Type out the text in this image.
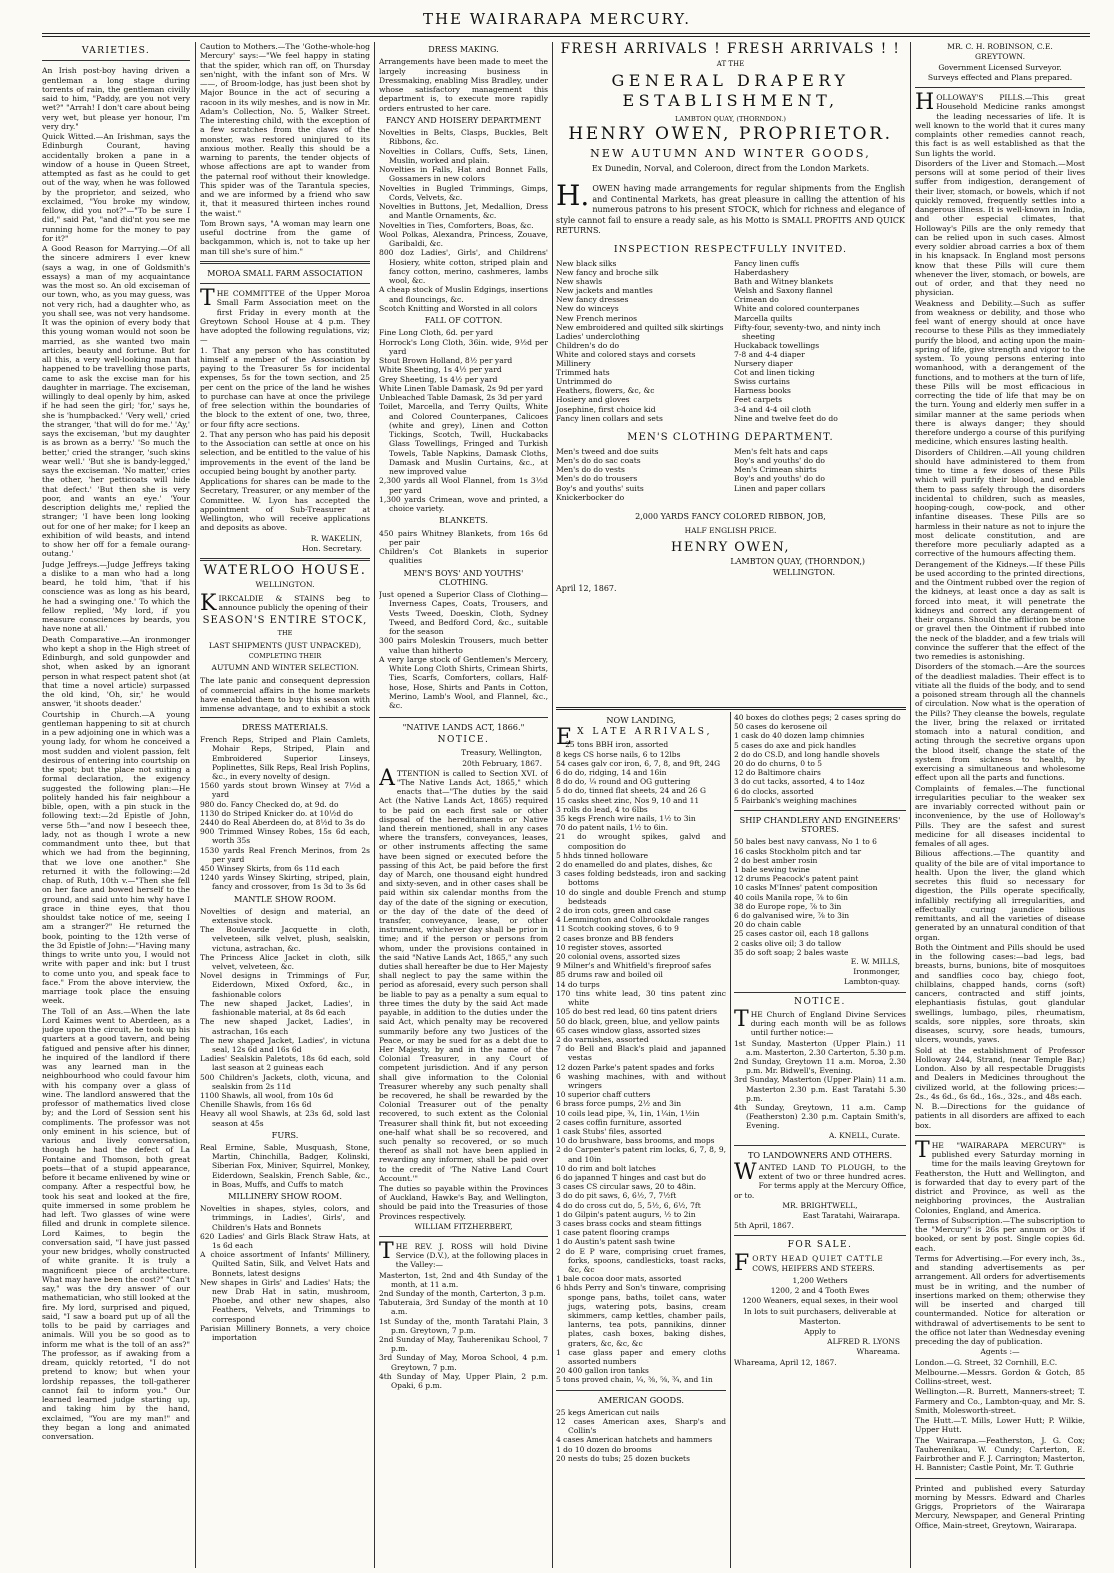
THE WAIRARAPA MERCURY.
VARIETIES.

An Irish post-boy having driven a gentleman a long stage during torrents of rain, the gentleman civilly said to him, "Paddy, are you not very wet?" "Arrah! I don't care about being very wet, but please yer honour, I'm very dry."

Quick Witted.—An Irishman, says the Edinburgh Courant, having accidentally broken a pane in a window of a house in Queen Street, attempted as fast as he could to get out of the way, when he was followed by the proprietor, and seized, who exclaimed, "You broke my window, fellow, did you not?"—"To be sure I did," said Pat, "and did'nt you see me running home for the money to pay for it?"

A Good Reason for Marrying.—Of all the sincere admirers I ever knew (says a wag, in one of Goldsmith's essays) a man of my acquaintance was the most so. An old exciseman of our town, who, as you may guess, was not very rich, had a daughter who, as you shall see, was not very handsome. It was the opinion of every body that this young woman would not soon be married, as she wanted two main articles, beauty and fortune. But for all this, a very well-looking man that happened to be travelling those parts, came to ask the excise man for his daughter in marriage. The exciseman, willingly to deal openly by him, asked if he had seen the girl; 'for,' says he, she is 'humpbacked.' 'Very well,' cried the stranger, 'that will do for me.' 'Ay,' says the exciseman, 'but my daughter is as brown as a berry.' 'So much the better,' cried the stranger, 'such skins wear well.' 'But she is bandy-legged,' says the exciseman. 'No matter,' cries the other, 'her petticoats will hide that defect.' 'But then she is very poor, and wants an eye.' 'Your description delights me,' replied the stranger; 'I have been long looking out for one of her make; for I keep an exhibition of wild beasts, and intend to show her off for a female ourang-outang.'

Judge Jeffreys.—Judge Jeffreys taking a dislike to a man who had a long beard, he told him, 'that if his conscience was as long as his beard, he had a swinging one.' To which the fellow replied, 'My lord, if you measure consciences by beards, you have none at all.'

Death Comparative.—An ironmonger who kept a shop in the High street of Edinburgh, and sold gunpowder and shot, when asked by an ignorant person in what respect patent shot (at that time a novel article) surpassed the old kind, 'Oh, sir,' he would answer, 'it shoots deader.'

Courtship in Church.—A young gentleman happening to sit at church in a pew adjoining one in which was a young lady, for whom he conceived a most sudden and violent passion, felt desirous of entering into courtship on the spot; but the place not suiting a formal declaration, the exigency suggested the following plan:—He politely handed his fair neighbour a bible, open, with a pin stuck in the following text:—2d Epistle of John, verse 5th—"and now I beseech thee, lady, not as though I wrote a new commandment unto thee, but that which we had from the beginning, that we love one another." She returned it with the following:—2d chap. of Ruth, 10th v.—"Then she fell on her face and bowed herself to the ground, and said unto him why have I grace in thine eyes, that thou shouldst take notice of me, seeing I am a stranger?" He returned the book, pointing to the 12th verse of the 3d Epistle of John:—"Having many things to write unto you, I would not write with paper and ink: but I trust to come unto you, and speak face to face." From the above interview, the marriage took place the ensuing week.

The Toll of an Ass.—When the late Lord Kaimes went to Aberdeen, as a judge upon the circuit, he took up his quarters at a good tavern, and being fatigued and pensive after his dinner, he inquired of the landlord if there was any learned man in the neighbourhood who could favour him with his company over a glass of wine. The landlord answered that the professor of mathematics lived close by; and the Lord of Session sent his compliments. The professor was not only eminent in his science, but of various and lively conversation, though he had the defect of La Fontaine and Thomson, both great poets—that of a stupid appearance, before it became enlivened by wine or company. After a respectful bow, he took his seat and looked at the fire, quite immersed in some problem he had left. Two glasses of wine were filled and drunk in complete silence. Lord Kaimes, to begin the conversation said, "I have just passed your new bridges, wholly constructed of white granite. It is truly a magnificent piece of architecture. What may have been the cost?" "Can't say," was the dry answer of our mathematician, who still looked at the fire. My lord, surprised and piqued, said, "I saw a board put up of all the tolls to be paid by carriages and animals. Will you be so good as to inform me what is the toll of an ass?" The professor, as if awaking from a dream, quickly retorted, "I do not pretend to know; but when your lordship repasses, the toll-gatherer cannot fail to inform you." Our learned learned judge starting up, and taking him by the hand, exclaimed, "You are my man!" and they began a long and animated conversation.

Caution to Mothers.—The 'Gothe-whole-hog Mercury' says:—"We feel happy in stating that the spider, which ran off, on Thursday sen'night, with the infant son of Mrs. W——, of Broom-lodge, has just been shot by Major Bounce in the act of securing a racoon in its wily meshes, and is now in Mr. Adam's Collection, No. 5, Walker Street. The interesting child, with the exception of a few scratches from the claws of the monster, was restored uninjured to its anxious mother. Really this should be a warning to parents, the tender objects of whose affections are apt to wander from the paternal roof without their knowledge. This spider was of the Tarantula species, and we are informed by a friend who saw it, that it measured thirteen inches round the waist."

Tom Brown says, "A woman may learn one useful doctrine from the game of backgammon, which is, not to take up her man till she's sure of him."

MOROA SMALL FARM ASSOCIATION

THE COMMITTEE of the Upper Moroa Small Farm Association meet on the first Friday in every month at the Greytown School House at 4 p.m. They have adopted the following regulations, viz;—

1. That any person who has constituted himself a member of the Association by paying to the Treasurer 5s for incidental expenses, 5s for the town section, and 25 per cent on the price of the land he wishes to purchase can have at once the privilege of free selection within the boundaries of the block to the extent of one, two, three, or four fifty acre sections.

2. That any person who has paid his deposit to the Association can settle at once on his selection, and be entitled to the value of his improvements in the event of the land be occupied being bought by another party.

Applications for shares can be made to the Secretary, Treasurer, or any member of the Committee. W. Lyon has accepted the appointment of Sub-Treasurer at Wellington, who will receive applications and deposits as above.

R. WAKELIN,

Hon. Secretary.

WATERLOO HOUSE.

WELLINGTON.

KIRKCALDIE & STAINS beg to announce publicly the opening of their

SEASON'S ENTIRE STOCK,

THE

LAST SHIPMENTS (JUST UNPACKED),

COMPLETING THEIR

AUTUMN AND WINTER SELECTION.

The late panic and consequent depression of commercial affairs in the home markets have enabled them to buy this season with immense advantage, and to exhibit a stock

DRESS MAKING.

Arrangements have been made to meet the largely increasing business in Dressmaking, enabling Miss Bradley, under whose satisfactory management this department is, to execute more rapidly orders entrusted to her care.

FANCY AND HOISERY DEPARTMENT
Novelties in Belts, Clasps, Buckles, Belt Ribbons, &c.
Novelties in Collars, Cuffs, Sets, Linen, Muslin, worked and plain.
Novelties in Falls, Hat and Bonnet Falls, Gossamers in new colors
Novelties in Bugled Trimmings, Gimps, Cords, Velvets, &c.
Novelties in Buttons, Jet, Medallion, Dress and Mantle Ornaments, &c.
Novelties in Ties, Comforters, Boas, &c.
Wool Polkas, Alexandra, Princess, Zouave, Garibaldi, &c.
800 doz Ladies', Girls', and Childrens' Hosiery, white cotton, striped plain and fancy cotton, merino, cashmeres, lambs wool, &c.
A cheap stock of Muslin Edgings, insertions and flouncings, &c.
Scotch Knitting and Worsted in all colors
FALL OF COTTON.
Fine Long Cloth, 6d. per yard
Horrock's Long Cloth, 36in. wide, 9½d per yard
Stout Brown Holland, 8½ per yard
White Sheeting, 1s 4½ per yard
Grey Sheeting, 1s 4½ per yard
White Linen Table Damask, 2s 9d per yard
Unbleached Table Damask, 2s 3d per yard
Toilet, Marcella, and Terry Quilts, White and Colored Counterpanes, Calicoes (white and grey), Linen and Cotton Tickings, Scotch, Twill, Huckabacks Glass Towellings, Fringed and Turkish Towels, Table Napkins, Damask Cloths, Damask and Muslin Curtains, &c., at new improved value
2,300 yards all Wool Flannel, from 1s 3½d per yard
1,300 yards Crimean, wove and printed, a choice variety.
BLANKETS.
450 pairs Whitney Blankets, from 16s 6d per pair
Children's Cot Blankets in superior qualities
MEN'S BOYS' AND YOUTHS' CLOTHING.
Just opened a Superior Class of Clothing—Inverness Capes, Coats, Trousers, and Vests Tweed, Doeskin, Cloth, Sydney Tweed, and Bedford Cord, &c., suitable for the season
300 pairs Moleskin Trousers, much better value than hitherto
A very large stock of Gentlemen's Mercery, White Long Cloth Shirts, Crimean Shirts, Ties, Scarfs, Comforters, collars, Half-hose, Hose, Shirts and Pants in Cotton, Merino, Lamb's Wool, and Flannel, &c., &c.

DRESS MATERIALS.
French Reps, Striped and Plain Camlets, Mohair Reps, Striped, Plain and Embroidered Superior Linseys, Poplinettes, Silk Reps, Real Irish Poplins, &c., in every novelty of design.
1560 yards stout brown Winsey at 7½d a yard
980 do. Fancy Checked do, at 9d. do
1130 do Striped Knicker do. at 10½d do
2440 do Real Aberdeen do, at 8½d to 3s do
900 Trimmed Winsey Robes, 15s 6d each, worth 35s
1530 yards Real French Merinos, from 2s per yard
450 Winsey Skirts, from 6s 11d each
1240 yards Winsey Skirting, striped, plain, fancy and crossover, from 1s 3d to 3s 6d
MANTLE SHOW ROOM.
Novelties of design and material, an extensive stock.
The Boulevarde Jacquette in cloth, velveteen, silk velvet, plush, sealskin, victuna, astrachan, &c.
The Princess Alice Jacket in cloth, silk velvet, velveteen, &c.
Novel designs in Trimmings of Fur, Eiderdown, Mixed Oxford, &c., in fashionable colors
The new shaped Jacket, Ladies', in fashionable material, at 8s 6d each
The new shaped Jacket, Ladies', in astrachan, 16s each
The new shaped Jacket, Ladies', in victuna seal, 12s 6d and 16s 6d
Ladies' Sealskin Paletots, 18s 6d each, sold last season at 2 guineas each
500 Children's Jackets, cloth, vicuna, and sealskin from 2s 11d
1100 Shawls, all wool, from 10s 6d
Chenille Shawls, from 16s 6d
Heavy all wool Shawls, at 23s 6d, sold last season at 45s
FURS.
Real Ermine, Sable, Musquash, Stone, Martin, Chinchilla, Badger, Kolinski, Siberian Fox, Miniver, Squirrel, Monkey, Eiderdown, Sealskin, French Sable, &c., in Boas, Muffs, and Cuffs to match
MILLINERY SHOW ROOM.
Novelties in shapes, styles, colors, and trimmings, in Ladies', Girls', and Children's Hats and Bonnets
620 Ladies' and Girls Black Straw Hats, at 1s 6d each
A choice assortment of Infants' Millinery, Quilted Satin, Silk, and Velvet Hats and Bonnets, latest designs
New shapes in Girls' and Ladies' Hats; the new Drab Hat in satin, mushroom, Phoebe, and other new shapes, also Feathers, Velvets, and Trimmings to correspond
Parisian Millinery Bonnets, a very choice importation
"NATIVE LANDS ACT, 1866."
NOTICE.

Treasury, Wellington,

20th February, 1867.

ATTENTION is called to Section XVI. of "The Native Lands Act, 1865," which enacts that—"The duties by the said Act (the Native Lands Act, 1865) required to be paid on each first sale or other disposal of the hereditaments or Native land therein mentioned, shall in any cases where the transfers, conveyances, leases, or other instruments affecting the same have been signed or executed before the passing of this Act, be paid before the first day of March, one thousand eight hundred and sixty-seven, and in other cases shall be paid within six calendar months from the day of the date of the signing or execution, or the day of the date of the deed of transfer, conveyance, lease, or other instrument, whichever day shall be prior in time; and if the person or persons from whom, under the provisions contained in the said "Native Lands Act, 1865," any such duties shall hereafter be due to Her Majesty shall neglect to pay the same within the period as aforesaid, every such person shall be liable to pay as a penalty a sum equal to three times the duty by the said Act made payable, in addition to the duties under the said Act, which penalty may be recovered summarily before any two Justices of the Peace, or may be sued for as a debt due to Her Majesty, by and in the name of the Colonial Treasurer, in any Court of competent jurisdiction. And if any person shall give information to the Colonial Treasurer whereby any such penalty shall be recovered, he shall be rewarded by the Colonial Treasurer out of the penalty recovered, to such extent as the Colonial Treasurer shall think fit, but not exceeding one-half what shall be so recovered, and such penalty so recovered, or so much thereof as shall not have been applied in rewarding any informer, shall be paid over to the credit of 'The Native Land Court Account.'"

The duties so payable within the Provinces of Auckland, Hawke's Bay, and Wellington, should be paid into the Treasuries of those Provinces respectively.

WILLIAM FITZHERBERT,

THE REV. J. ROSS will hold Divine Service (D.V.), at the following places in the Valley:—

Masterton, 1st, 2nd and 4th Sunday of the month, at 11 a.m.
2nd Sunday of the month, Carterton, 3 p.m.
Tabuteraia, 3rd Sunday of the month at 10 a.m.
1st Sunday of the, month Taratahi Plain, 3 p.m. Greytown, 7 p.m.
2nd Sunday of May, Tauherenikau School, 7 p.m.
3rd Sunday of May, Moroa School, 4 p.m. Greytown, 7 p.m.
4th Sunday of May, Upper Plain, 2 p.m. Opaki, 6 p.m.
FRESH ARRIVALS ! FRESH ARRIVALS ! !
AT THE
GENERAL DRAPERY ESTABLISHMENT,
LAMBTON QUAY, (THORNDON.)
HENRY OWEN, PROPRIETOR.
NEW AUTUMN AND WINTER GOODS,
Ex Dunedin, Norval, and Coleroon, direct from the London Markets.
H. OWEN having made arrangements for regular shipments from the English and Continental Markets, has great pleasure in calling the attention of his numerous patrons to his present STOCK, which for richness and elegance of style cannot fail to ensure a ready sale, as his Motto is SMALL PROFITS AND QUICK RETURNS.
INSPECTION RESPECTFULLY INVITED.
New black silks
New fancy and broche silk
New shawls
New jackets and mantles
New fancy dresses
New do winceys
New French merinos
New embroidered and quilted silk skirtings
Ladies' underclothing
Children's do do
White and colored stays and corsets
Millinery
Trimmed hats
Untrimmed do
Feathers, flowers, &c, &c
Hosiery and gloves
Josephine, first choice kid
Fancy linen collars and sets
Fancy linen cuffs
Haberdashery
Bath and Witney blankets
Welsh and Saxony flannel
Crimean do
White and colored counterpanes
Marcella quilts
Fifty-four, seventy-two, and ninty inch sheeting
Huckaback towellings
7-8 and 4-4 diaper
Nursery diaper
Cot and linen ticking
Swiss curtains
Harness books
Feet carpets
3-4 and 4-4 oil cloth
Nine and twelve feet do do
MEN'S CLOTHING DEPARTMENT.
Men's tweed and doe suits
Men's do do sac coats
Men's do do vests
Men's do do trousers
Boy's and youths' suits
Knickerbocker do
Men's felt hats and caps
Boy's and youths' do do
Men's Crimean shirts
Boy's and youths' do do
Linen and paper collars
2,000 YARDS FANCY COLORED RIBBON, JOB,
HALF ENGLISH PRICE.
HENRY OWEN,
LAMBTON QUAY, (THORNDON,)
WELLINGTON.
April 12, 1867.
NOW LANDING,

E X LATE ARRIVALS,

25 tons BBH iron, assorted
8 kegs CS horse nails, 6 to 12lbs
54 cases galv cor iron, 6, 7, 8, and 9ft, 24G
6 do do, ridging, 14 and 16in
8 do do, ¼ round and OG guttering
5 do do, tinned flat sheets, 24 and 26 G
15 casks sheet zinc, Nos 9, 10 and 11
3 rolls do lead, 4 to 6lbs
35 kegs French wire nails, 1½ to 3in
70 do patent nails, 1½ to 6in.
21 do wrought spikes, galvd and composition do
5 hhds tinned holloware
2 do enamelled do and plates, dishes, &c
3 cases folding bedsteads, iron and sacking bottoms
10 do single and double French and stump bedsteads
2 do iron cots, green and case
4 Lemmington and Colbrookdale ranges
11 Scotch cooking stoves, 6 to 9
2 cases bronze and BB fenders
10 register stoves, assorted
20 colonial ovens, assorted sizes
9 Milner's and Whitfield's fireproof safes
85 drums raw and boiled oil
14 do turps
170 tins white lead, 30 tins patent zinc white
105 do best red lead, 60 tins patent driers
50 do black, green, blue, and yellow paints
65 cases window glass, assorted sizes
2 do varnishes, assorted
7 do Bell and Black's plaid and japanned vestas
12 dozen Parke's patent spades and forks
6 washing machines, with and without wringers
10 superior chaff cutters
6 brass force pumps, 2½ and 3in
10 coils lead pipe, ¾, 1in, 1¼in, 1½in
2 cases coffin furniture, assorted
1 cask Stubs' files, assorted
10 do brushware, bass brooms, and mops
2 do Carpenter's patent rim locks, 6, 7, 8, 9, and 10in
10 do rim and bolt latches
6 do japanned T hinges and cast but do
3 cases CS circular saws, 20 to 48in.
3 do do pit saws, 6, 6½, 7, 7½ft
4 do do cross cut do, 5, 5½, 6, 6½, 7ft
1 do Gilpin's patent augurs, ½ to 2in
3 cases brass cocks and steam fittings
1 case patent flooring cramps
1 do Austin's patent sash twine
2 do E P ware, comprising cruet frames, forks, spoons, candlesticks, toast racks, &c, &c
1 bale cocoa door mats, assorted
6 hhds Perry and Son's tinware, comprising sponge pans, baths, toilet cans, water jugs, watering pots, basins, cream skimmers, camp kettles, chamber pails, lanterns, tea pots, pannikins, dinner plates, cash boxes, baking dishes, graters, &c, &c, &c
1 case glass paper and emery cloths assorted numbers
20 400 gallon iron tanks
5 tons proved chain, ¼, ⅜, ⅝, ¾, and 1in
AMERICAN GOODS.
25 kegs American cut nails
12 cases American axes, Sharp's and Collin's
4 cases American hatchets and hammers
1 do 10 dozen do brooms
20 nests do tubs; 25 dozen buckets
40 boxes do clothes pegs; 2 cases spring do
50 cases do kerosene oil
1 cask do 40 dozen lamp chimnies
5 cases do axe and pick handles
2 do do CS.D, and long handle shovels
20 do do churns, 0 to 5
12 do Baltimore chairs
3 do cut tacks, assorted, 4 to 14oz
6 do clocks, assorted
5 Fairbank's weighing machines
SHIP CHANDLERY AND ENGINEERS' STORES.
50 bales best navy canvass, No 1 to 6
16 casks Stockholm pitch and tar
2 do best amber rosin
1 bale sewing twine
12 drums Peacock's patent paint
10 casks M'Innes' patent composition
40 coils Manila rope, ⅞ to 6in
38 do Europe rope, ⅞ to 3in
6 do galvanised wire, ⅞ to 3in
20 do chain cable
25 cases castor oil, each 18 gallons
2 casks olive oil; 3 do tallow
35 do soft soap; 2 bales waste

E. W. MILLS,

Ironmonger,

Lambton-quay.

NOTICE.

THE Church of England Divine Services during each month will be as follows until further notice:—

1st Sunday, Masterton (Upper Plain.) 11 a.m. Masterton, 2.30 Carterton, 5.30 p.m.
2nd Sunday, Greytown 11 a.m. Moroa, 2.30 p.m. Mr. Bidwell's, Evening.
3rd Sunday, Masterton (Upper Plain) 11 a.m. Masterton 2.30 p.m. East Taratahi 5.30 p.m.
4th Sunday, Greytown, 11 a.m. Camp (Featherston) 2.30 p.m. Captain Smith's, Evening.

A. KNELL, Curate.

TO LANDOWNERS AND OTHERS.

WANTED LAND TO PLOUGH, to the extent of two or three hundred acres. For terms apply at the Mercury Office, or to.

MR. BRIGHTWELL,

East Taratahi, Wairarapa.

5th April, 1867.

FOR SALE.

FORTY HEAD QUIET CATTLE

COWS, HEIFERS AND STEERS.

1,200 Wethers

1200, 2 and 4 Tooth Ewes

1200 Weaners, equal sexes, in their wool

In lots to suit purchasers, deliverable at

Masterton.

Apply to

ALFRED R. LYONS

Whareama.

Whareama, April 12, 1867.

MR. C. H. ROBINSON, C.E.

GREYTOWN.

Government Licensed Surveyor.

Surveys effected and Plans prepared.

HOLLOWAY'S PILLS.—This great Household Medicine ranks amongst the leading necessaries of life. It is well known to the world that it cures many complaints other remedies cannot reach, this fact is as well established as that the Sun lights the world.

Disorders of the Liver and Stomach.—Most persons will at some period of their lives suffer from indigestion, derangement of their liver, stomach, or bowels, which if not quickly removed, frequently settles into a dangerous illness. It is well-known in India, and other especial climates, that Holloway's Pills are the only remedy that can be relied upon in such cases. Almost every soldier abroad carries a box of them in his knapsack. In England most persons know that these Pills will cure them whenever the liver, stomach, or bowels, are out of order, and that they need no physician.

Weakness and Debility.—Such as suffer from weakness or debility, and those who feel want of energy should at once have recourse to these Pills as they immediately purify the blood, and acting upon the main-spring of life, give strength and vigor to the system. To young persons entering into womanhood, with a derangement of the functions, and to mothers at the turn of life, these Pills will be most efficacious in correcting the tide of life that may be on the turn. Young and elderly men suffer in a similar manner at the same periods when there is always danger; they should therefore undergo a course of this purifying medicine, which ensures lasting health.

Disorders of Children.—All young children should have administered to them from time to time a few doses of these Pills which will purify their blood, and enable them to pass safely through the disorders incidental to children, such as measles, hooping-cough, cow-pock, and other infantine diseases. These Pills are so harmless in their nature as not to injure the most delicate constitution, and are therefore more peculiarly adapted as a corrective of the humours affecting them.

Derangement of the Kidneys.—If these Pills be used according to the printed directions, and the Ointment rubbed over the region of the kidneys, at least once a day as salt is forced into meat, it will penetrate the kidneys and correct any derangement of their organs. Should the affliction be stone or gravel then the Ointment if rubbed into the neck of the bladder, and a few trials will convince the sufferer that the effect of the two remedies is astonishing.

Disorders of the stomach.—Are the sources of the deadliest maladies. Their effect is to vitiate all the fluids of the body, and to send a poisoned stream through all the channels of circulation. Now what is the operation of the Pills? They cleanse the bowels, regulate the liver, bring the relaxed or irritated stomach into a natural condition, and acting through the secretive organs upon the blood itself, change the state of the system from sickness to health, by exercising a simultaneous and wholesome effect upon all the parts and functions.

Complaints of females.—The functional irregularities peculiar to the weaker sex are invariably corrected without pain or inconvenience, by the use of Holloway's Pills. They are the safest and surest medicine for all diseases incidental to females of all ages.

Bilious affections.—The quantity and quality of the bile are of vital importance to health. Upon the liver, the gland which secretes this fluid so necessary for digestion, the Pills operate specifically, infallibly rectifying all irregularities, and effectually curing jaundice bilious remittants, and all the varieties of disease generated by an unnatural condition of that organ.

Both the Ointment and Pills should be used in the following cases:—bad legs, bad breasts, burns, bunions, bite of mosquitoes and sandflies coco bay, chiego foot, chilblains, chapped hands, corns (soft) cancers, contracted and stiff joints, elephantiasis fistulas, gout glandular swellings, lumbago, piles, rheumatism, scalds, sore nipples, sore throats, skin diseases, scurvy, sore heads, tumours, ulcers, wounds, yaws.

Sold at the establishment of Professor Holloway 244, Strand, (near Temple Bar,) London. Also by all respectable Druggists and Dealers in Medicines throughout the civilized world, at the following prices:—2s., 4s 6d., 6s 6d., 16s., 32s., and 48s each.

N. B.—Directions for the guidance of patients in all disorders are affixed to each box.

THE "WAIRARAPA MERCURY" is published every Saturday morning in time for the mails leaving Greytown for Featherston, the Hutt and Wellington, and is forwarded that day to every part of the district and Province, as well as the neighboring provinces, the Australian Colonies, England, and America.

Terms of Subscription.—The subscription to the "Mercury" is 26s per annum or 30s if booked, or sent by post. Single copies 6d. each.

Terms for Advertising.—For every inch, 3s., and standing advertisements as per arrangement. All orders for advertisements must be in writing, and the number of insertions marked on them; otherwise they will be inserted and charged till countermanded. Notice for alteration or withdrawal of advertisements to be sent to the office not later than Wednesday evening preceding the day of publication.

Agents :—

London.—G. Street, 32 Cornhill, E.C.

Melbourne.—Messrs. Gordon & Gotch, 85 Collins-street, west.

Wellington.—R. Burrett, Manners-street; T. Farmery and Co., Lambton-quay, and Mr. S. Smith, Molesworth-street.

The Hutt.—T. Mills, Lower Hutt; P. Wilkie, Upper Hutt.

The Wairarapa.—Featherston, J. G. Cox; Tauherenikau, W. Cundy; Carterton, E. Fairbrother and F. J. Carrington; Masterton, H. Bannister; Castle Point, Mr. T. Guthrie

Printed and published every Saturday morning by Messrs. Edward and Charles Griggs, Proprietors of the Wairarapa Mercury, Newspaper, and General Printing Office, Main-street, Greytown, Wairarapa.
